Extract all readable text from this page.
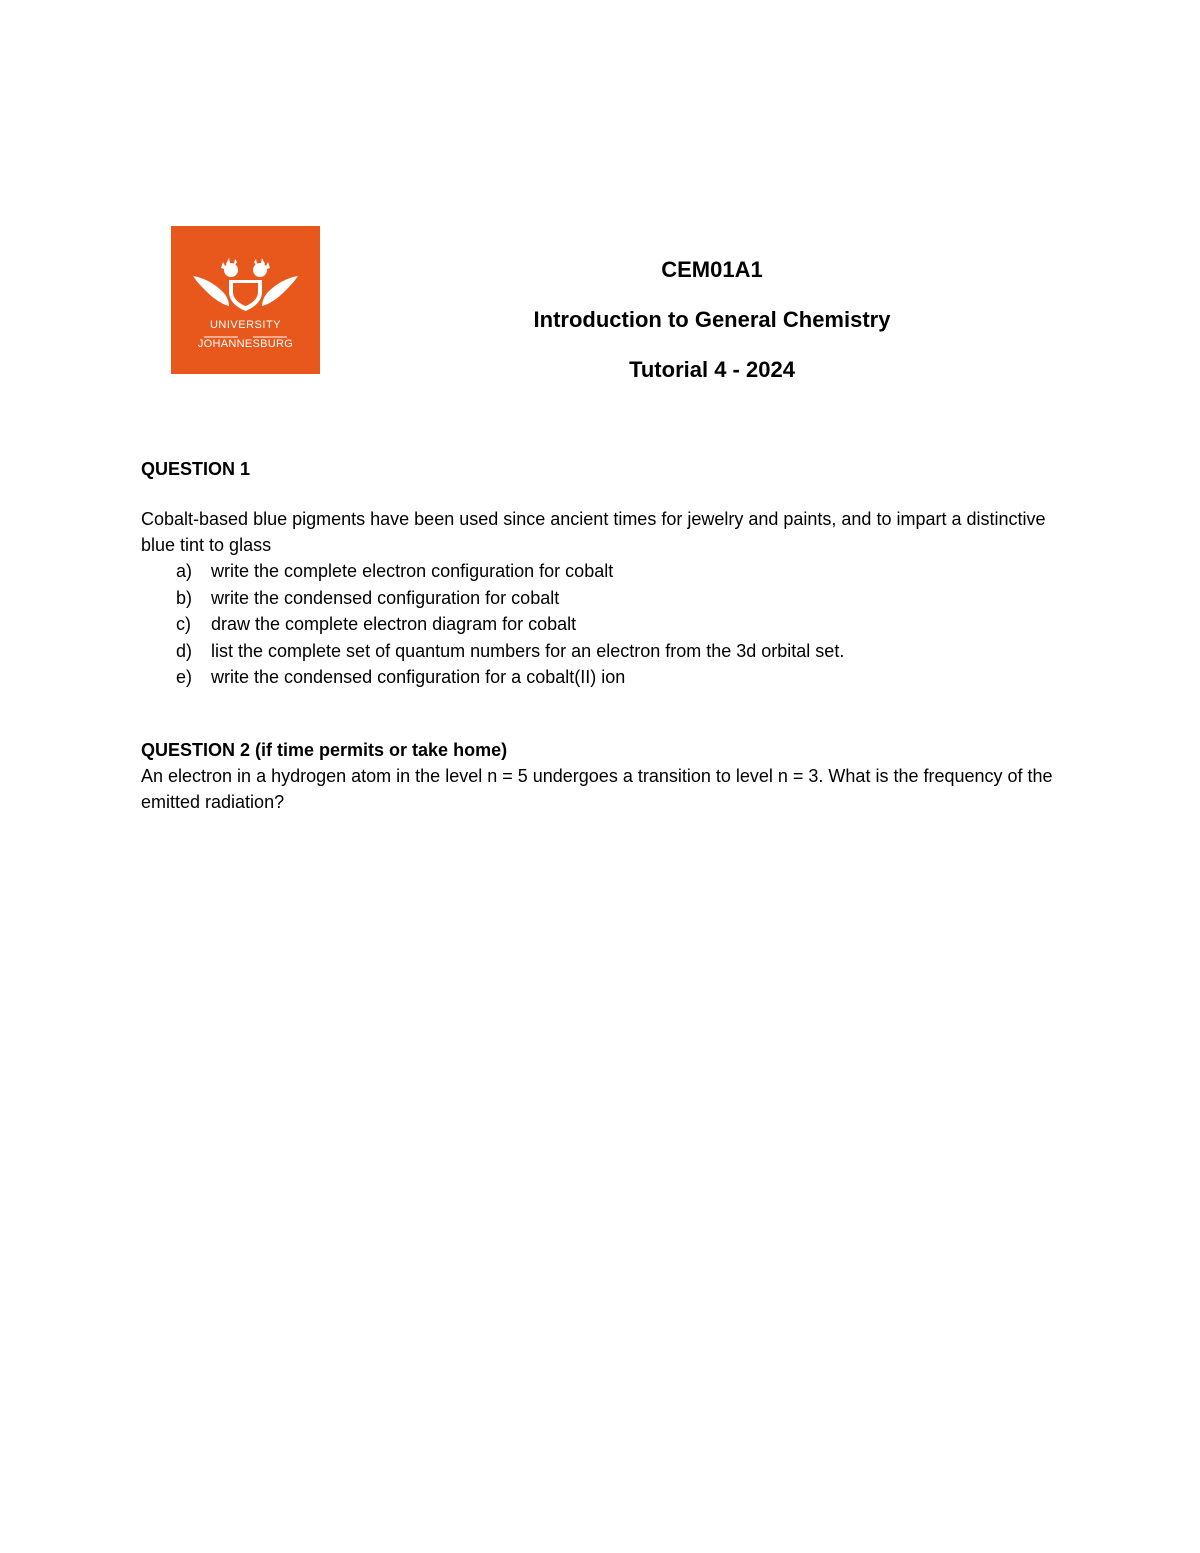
UNIVERSITY
JOHANNESBURG
CEM01A1
Introduction to General Chemistry
Tutorial 4 - 2024

QUESTION 1

Cobalt-based blue pigments have been used since ancient times for jewelry and paints, and to impart a distinctive blue tint to glass

a) write the complete electron configuration for cobalt
b) write the condensed configuration for cobalt
c) draw the complete electron diagram for cobalt
d) list the complete set of quantum numbers for an electron from the 3d orbital set.
e) write the condensed configuration for a cobalt(II) ion

QUESTION 2 (if time permits or take home)

An electron in a hydrogen atom in the level n = 5 undergoes a transition to level n = 3. What is the frequency of the emitted radiation?
